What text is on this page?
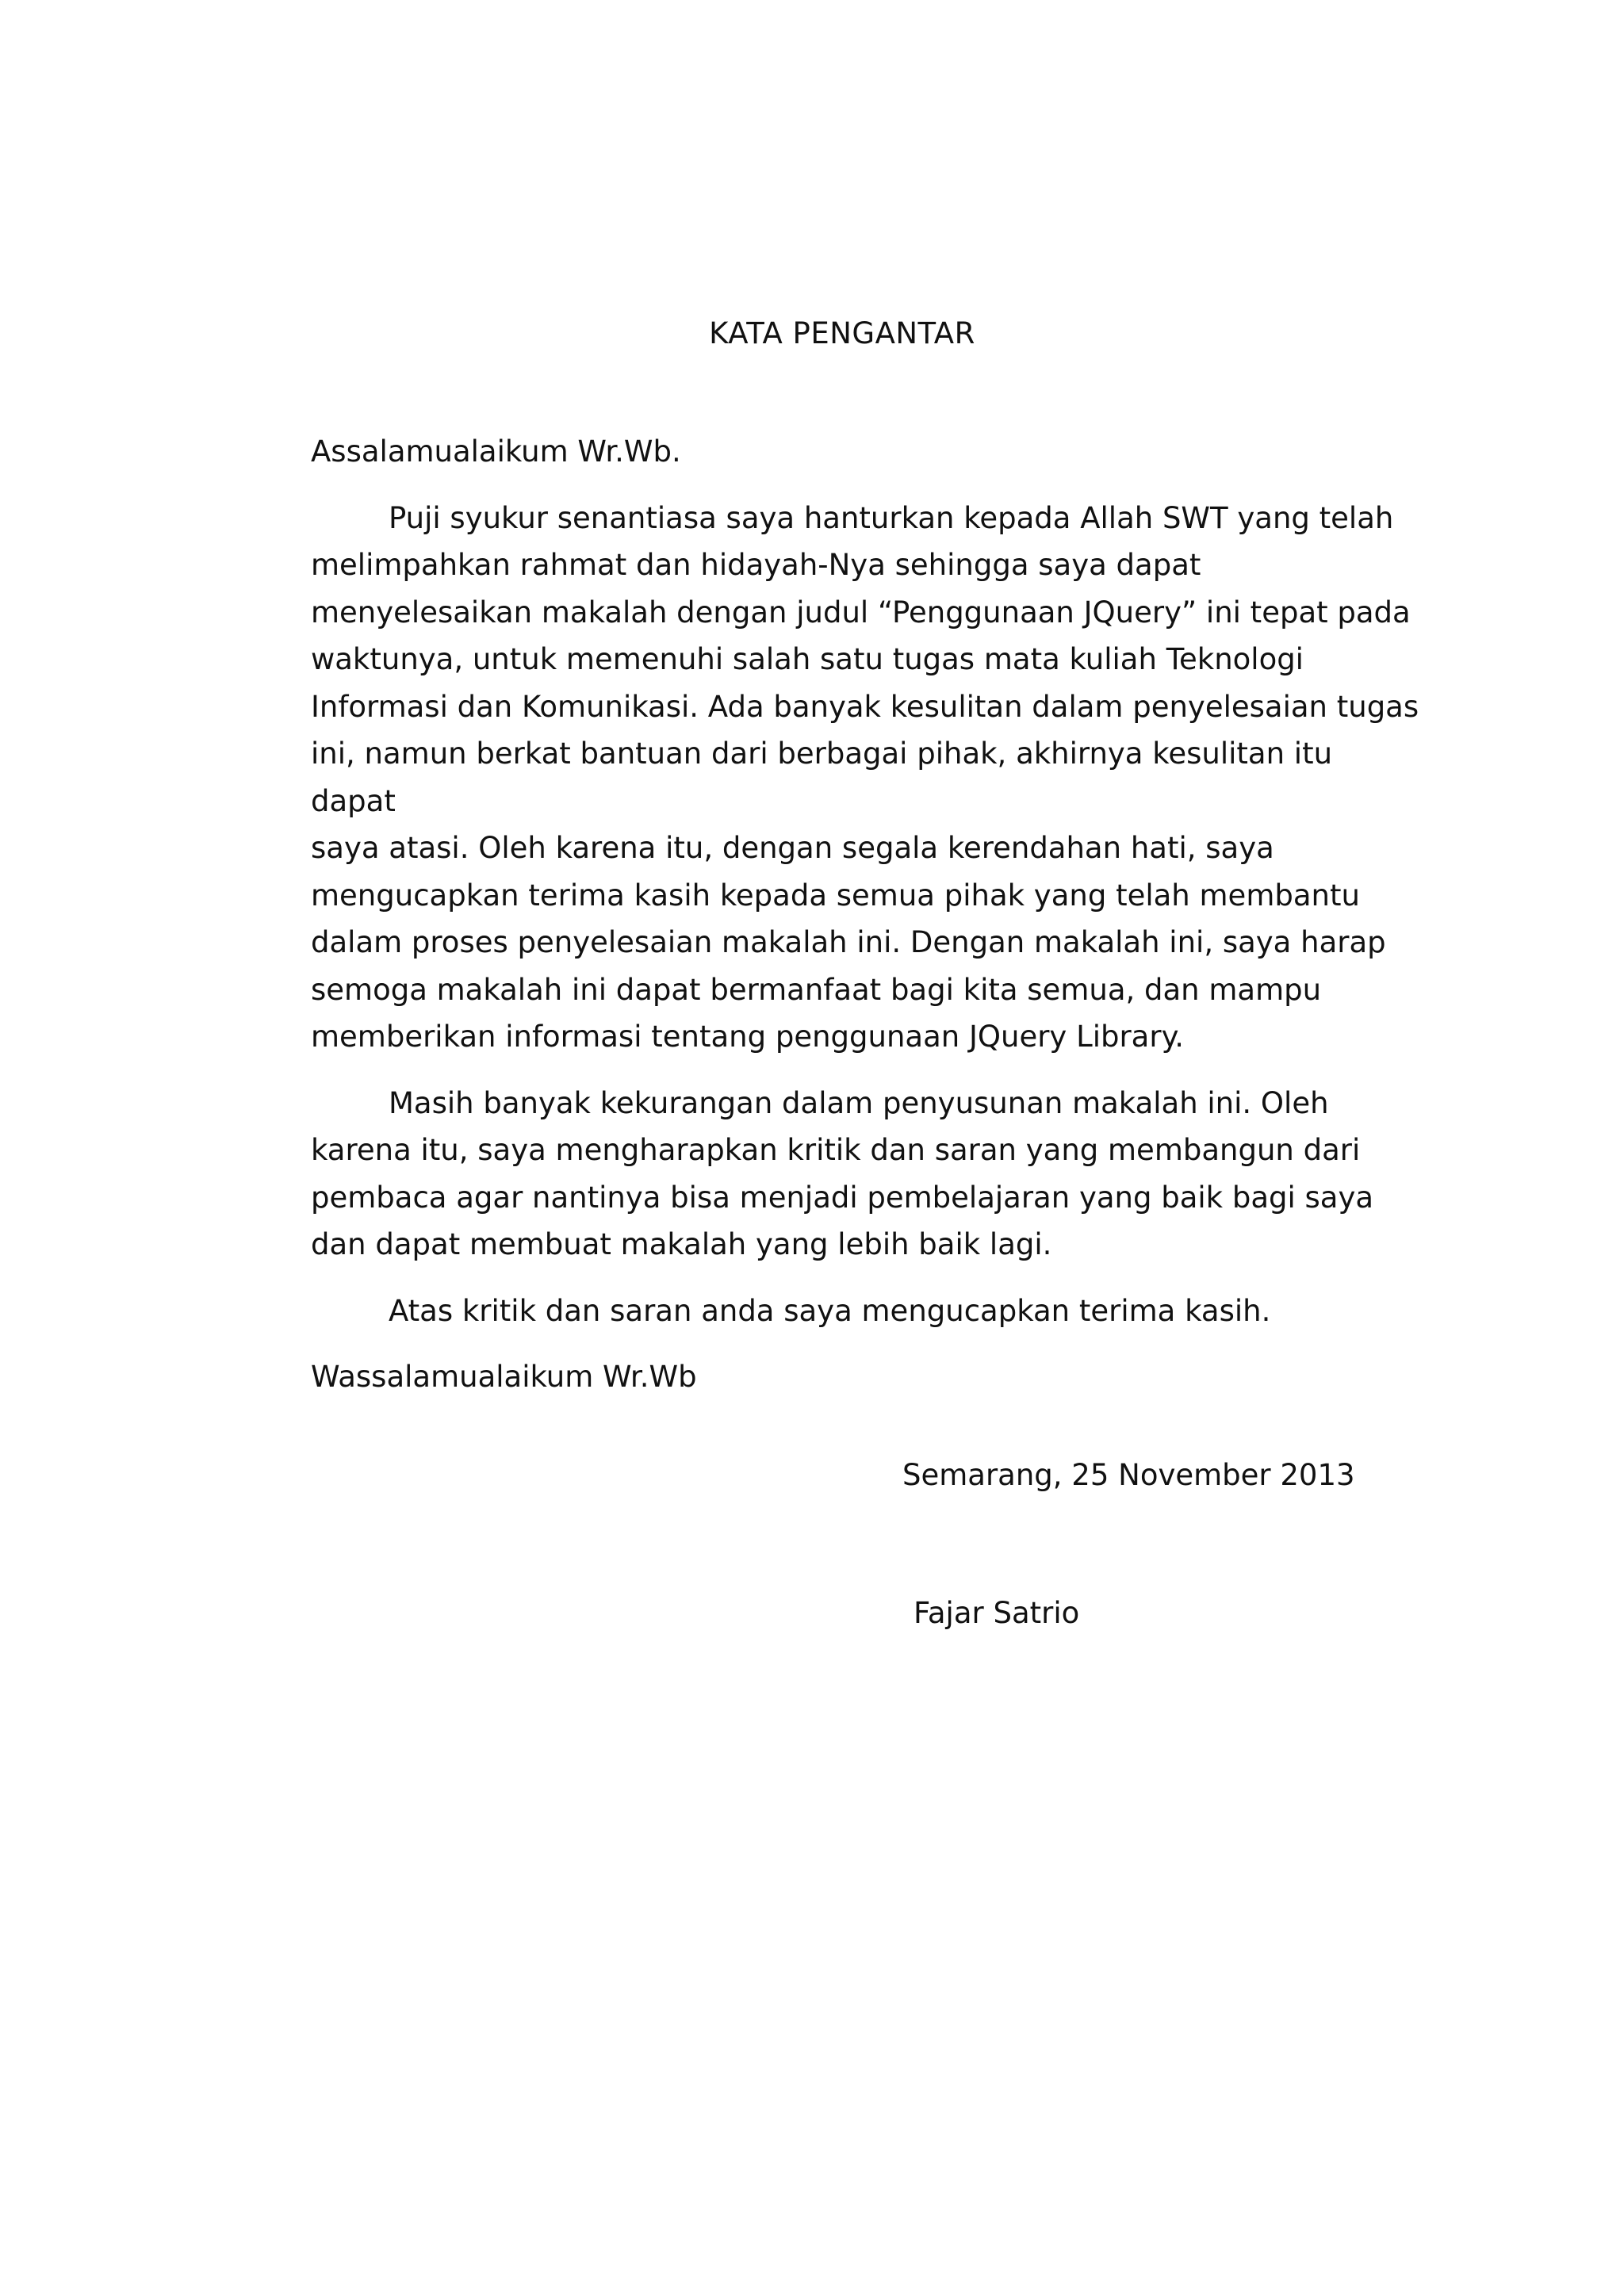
KATA PENGANTAR

Assalamualaikum Wr.Wb.

Puji syukur senantiasa saya hanturkan kepada Allah SWT yang telah
melimpahkan rahmat dan hidayah-Nya sehingga saya dapat
menyelesaikan makalah dengan judul “Penggunaan JQuery” ini tepat pada
waktunya, untuk memenuhi salah satu tugas mata kuliah Teknologi
Informasi dan Komunikasi. Ada banyak kesulitan dalam penyelesaian tugas
ini, namun berkat bantuan dari berbagai pihak, akhirnya kesulitan itu dapat
saya atasi. Oleh karena itu, dengan segala kerendahan hati, saya
mengucapkan terima kasih kepada semua pihak yang telah membantu
dalam proses penyelesaian makalah ini. Dengan makalah ini, saya harap
semoga makalah ini dapat bermanfaat bagi kita semua, dan mampu
memberikan informasi tentang penggunaan JQuery Library.

Masih banyak kekurangan dalam penyusunan makalah ini. Oleh
karena itu, saya mengharapkan kritik dan saran yang membangun dari
pembaca agar nantinya bisa menjadi pembelajaran yang baik bagi saya
dan dapat membuat makalah yang lebih baik lagi.

Atas kritik dan saran anda saya mengucapkan terima kasih.

Wassalamualaikum Wr.Wb

Semarang, 25 November 2013
Fajar Satrio
